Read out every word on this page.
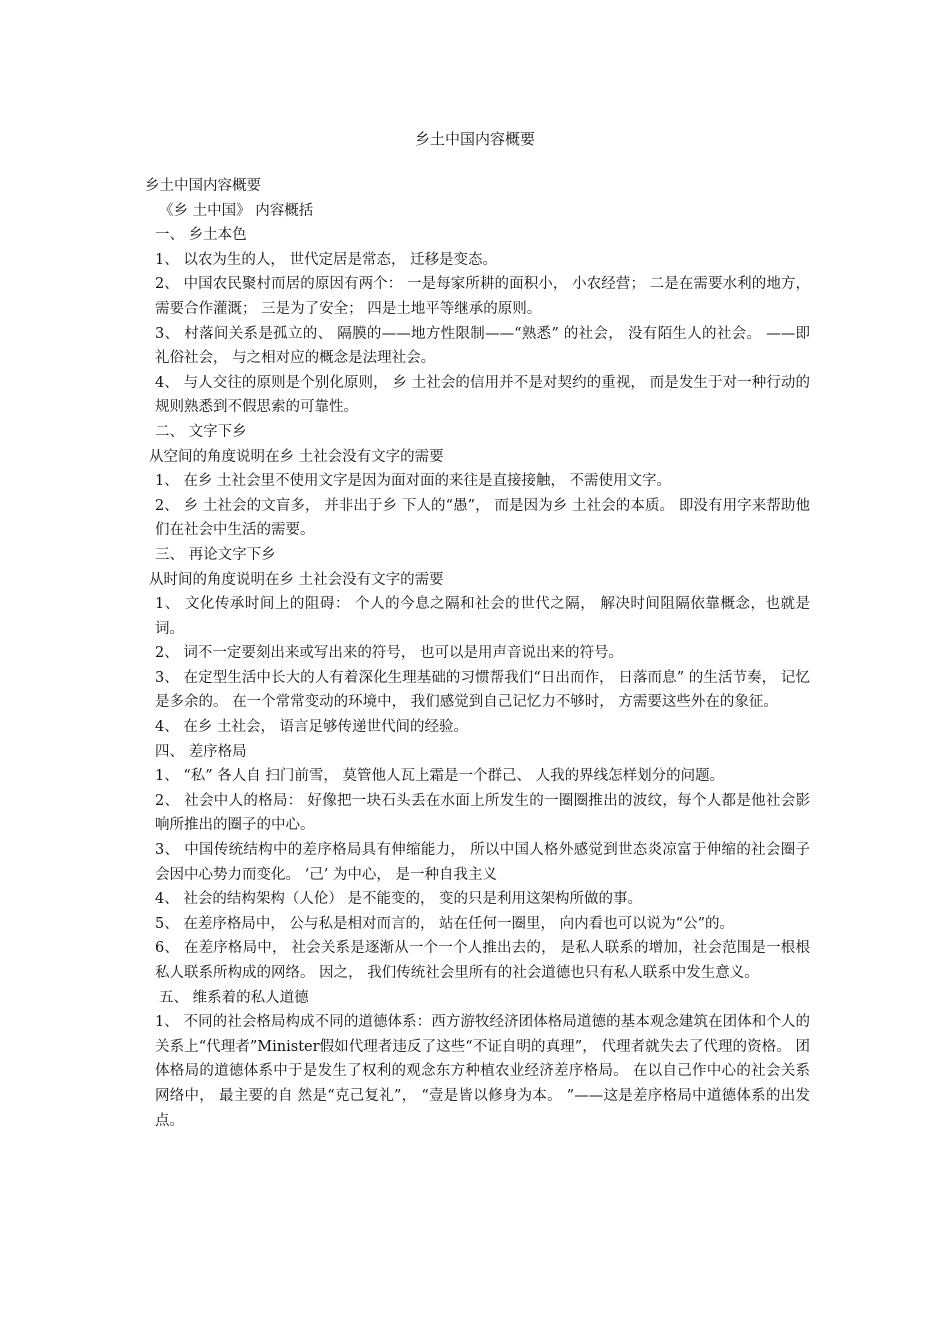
乡土中国内容概要

乡土中国内容概要

《乡 土中国》 内容概括

一、 乡土本色

1、 以农为生的人， 世代定居是常态， 迁移是变态。

2、 中国农民聚村而居的原因有两个： 一是每家所耕的面积小， 小农经营； 二是在需要水利的地方， 需要合作灌溉； 三是为了安全； 四是土地平等继承的原则。

3、 村落间关系是孤立的、 隔膜的——地方性限制——“熟悉” 的社会， 没有陌生人的社会。 ——即礼俗社会， 与之相对应的概念是法理社会。

4、 与人交往的原则是个别化原则， 乡 土社会的信用并不是对契约的重视， 而是发生于对一种行动的规则熟悉到不假思索的可靠性。

二、 文字下乡

从空间的角度说明在乡 土社会没有文字的需要

1、 在乡 土社会里不使用文字是因为面对面的来往是直接接触， 不需使用文字。

2、 乡 土社会的文盲多， 并非出于乡 下人的“愚”， 而是因为乡 土社会的本质。 即没有用字来帮助他们在社会中生活的需要。

三、 再论文字下乡

从时间的角度说明在乡 土社会没有文字的需要

1、 文化传承时间上的阻碍： 个人的今息之隔和社会的世代之隔， 解决时间阻隔依靠概念，也就是词。

2、 词不一定要刻出来或写出来的符号， 也可以是用声音说出来的符号。

3、 在定型生活中长大的人有着深化生理基础的习惯帮我们“日出而作， 日落而息” 的生活节奏， 记忆是多余的。 在一个常常变动的环境中， 我们感觉到自己记忆力不够时， 方需要这些外在的象征。

4、 在乡 土社会， 语言足够传递世代间的经验。

四、 差序格局

1、 “私” 各人自 扫门前雪， 莫管他人瓦上霜是一个群己、 人我的界线怎样划分的问题。

2、 社会中人的格局： 好像把一块石头丢在水面上所发生的一圈圈推出的波纹，每个人都是他社会影响所推出的圈子的中心。

3、 中国传统结构中的差序格局具有伸缩能力， 所以中国人格外感觉到世态炎凉富于伸缩的社会圈子会因中心势力而变化。 ‘己’ 为中心， 是一种自我主义

4、 社会的结构架构（人伦） 是不能变的， 变的只是利用这架构所做的事。

5、 在差序格局中， 公与私是相对而言的， 站在任何一圈里， 向内看也可以说为“公”的。

6、 在差序格局中， 社会关系是逐渐从一个一个人推出去的， 是私人联系的增加，社会范围是一根根私人联系所构成的网络。 因之， 我们传统社会里所有的社会道德也只有私人联系中发生意义。

五、 维系着的私人道德

1、 不同的社会格局构成不同的道德体系：西方游牧经济团体格局道德的基本观念建筑在团体和个人的关系上“代理者”Minister假如代理者违反了这些“不证自明的真理”， 代理者就失去了代理的资格。 团体格局的道德体系中于是发生了权利的观念东方种植农业经济差序格局。 在以自己作中心的社会关系网络中， 最主要的自 然是“克己复礼”， “壹是皆以修身为本。 ”——这是差序格局中道德体系的出发点。
